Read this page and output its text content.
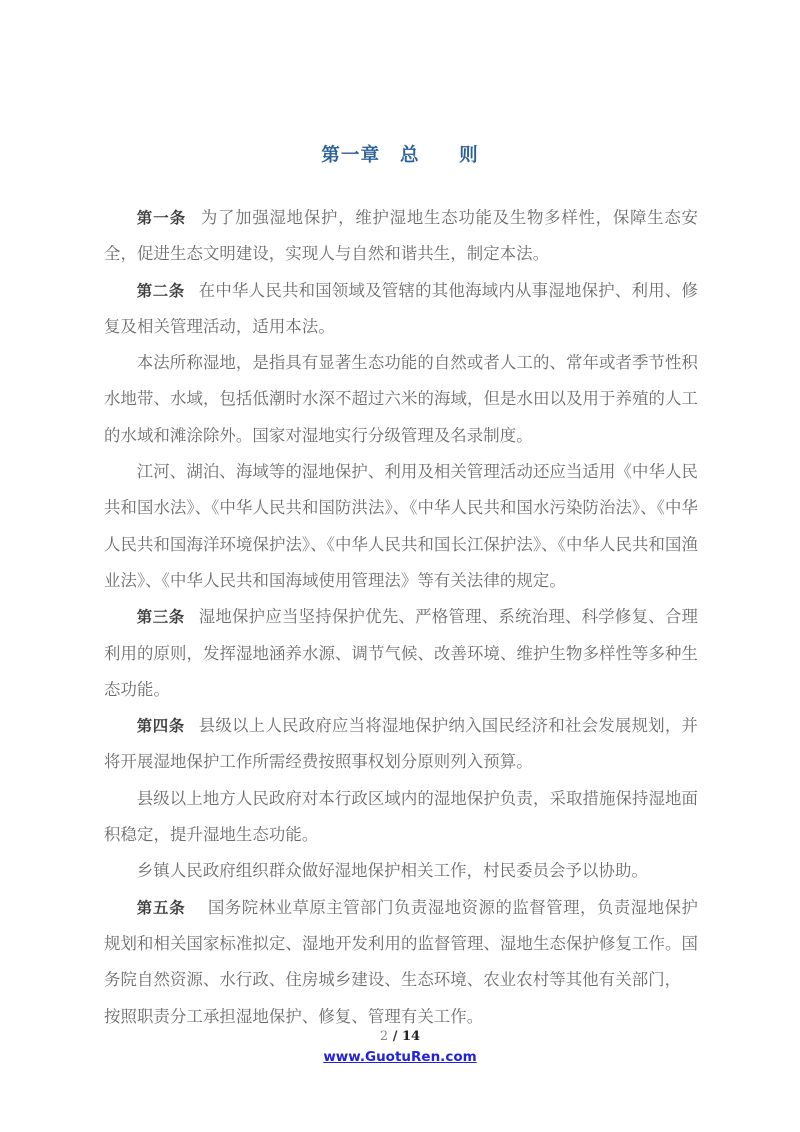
第一章　总　　则

第一条 为了加强湿地保护，维护湿地生态功能及生物多样性，保障生态安全，促进生态文明建设，实现人与自然和谐共生，制定本法。

第二条 在中华人民共和国领域及管辖的其他海域内从事湿地保护、利用、修复及相关管理活动，适用本法。

本法所称湿地，是指具有显著生态功能的自然或者人工的、常年或者季节性积水地带、水域，包括低潮时水深不超过六米的海域，但是水田以及用于养殖的人工的水域和滩涂除外。国家对湿地实行分级管理及名录制度。

江河、湖泊、海域等的湿地保护、利用及相关管理活动还应当适用《中华人民共和国水法》、《中华人民共和国防洪法》、《中华人民共和国水污染防治法》、《中华人民共和国海洋环境保护法》、《中华人民共和国长江保护法》、《中华人民共和国渔业法》、《中华人民共和国海域使用管理法》等有关法律的规定。

第三条 湿地保护应当坚持保护优先、严格管理、系统治理、科学修复、合理利用的原则，发挥湿地涵养水源、调节气候、改善环境、维护生物多样性等多种生态功能。

第四条 县级以上人民政府应当将湿地保护纳入国民经济和社会发展规划，并将开展湿地保护工作所需经费按照事权划分原则列入预算。

县级以上地方人民政府对本行政区域内的湿地保护负责，采取措施保持湿地面积稳定，提升湿地生态功能。

乡镇人民政府组织群众做好湿地保护相关工作，村民委员会予以协助。

第五条 国务院林业草原主管部门负责湿地资源的监督管理，负责湿地保护规划和相关国家标准拟定、湿地开发利用的监督管理、湿地生态保护修复工作。国务院自然资源、水行政、住房城乡建设、生态环境、农业农村等其他有关部门，

按照职责分工承担湿地保护、修复、管理有关工作。

2 / 14
www.GuotuRen.com
